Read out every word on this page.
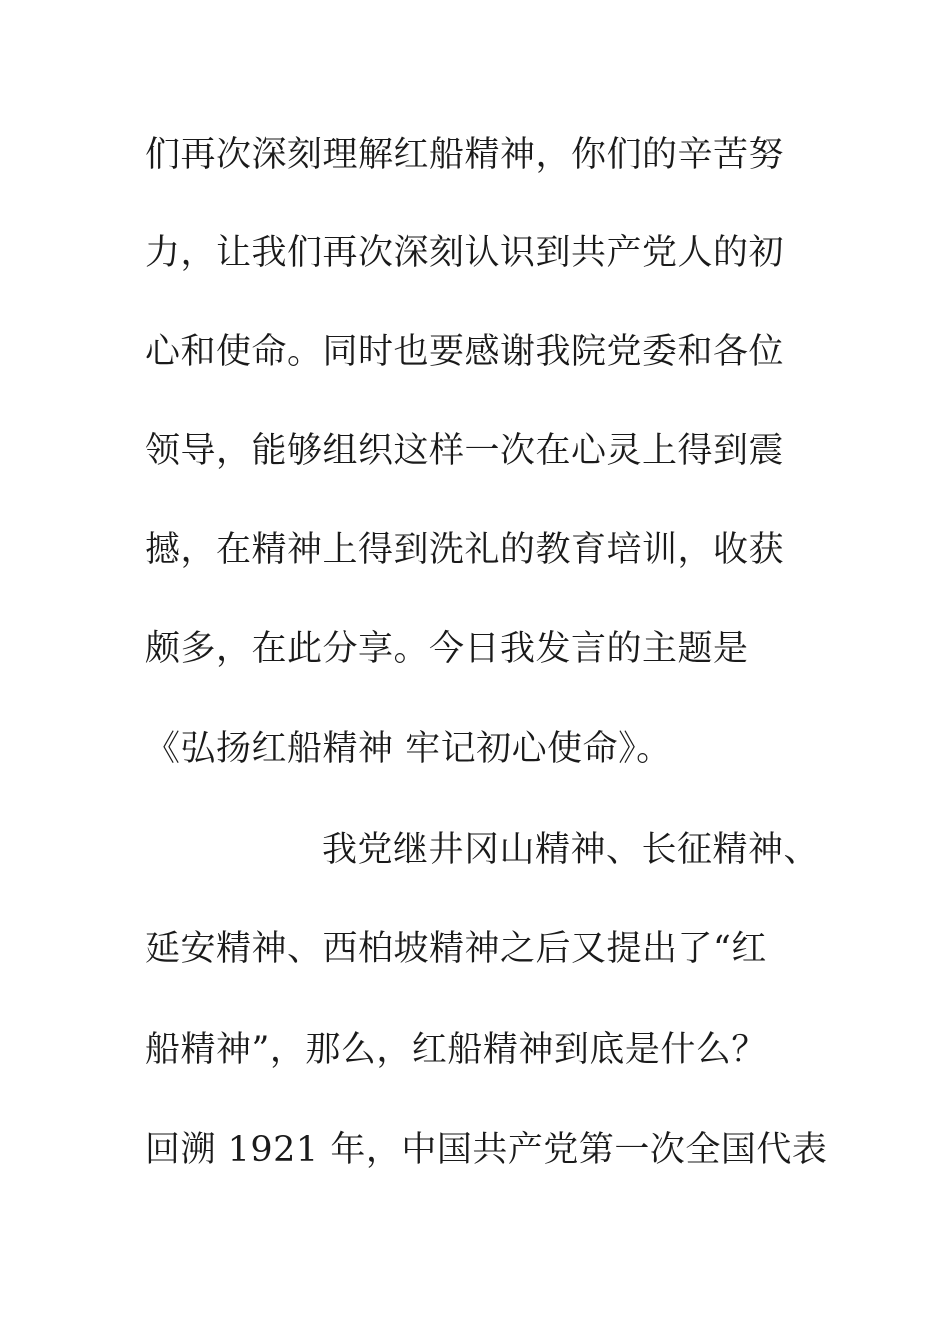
们再次深刻理解红船精神，你们的辛苦努
力，让我们再次深刻认识到共产党人的初
心和使命。同时也要感谢我院党委和各位
领导，能够组织这样一次在心灵上得到震
撼，在精神上得到洗礼的教育培训，收获
颇多，在此分享。今日我发言的主题是
《弘扬红船精神 牢记初心使命》。
我党继井冈山精神、长征精神、
延安精神、西柏坡精神之后又提出了“红
船精神”，那么，红船精神到底是什么？
回溯 1921 年，中国共产党第一次全国代表
